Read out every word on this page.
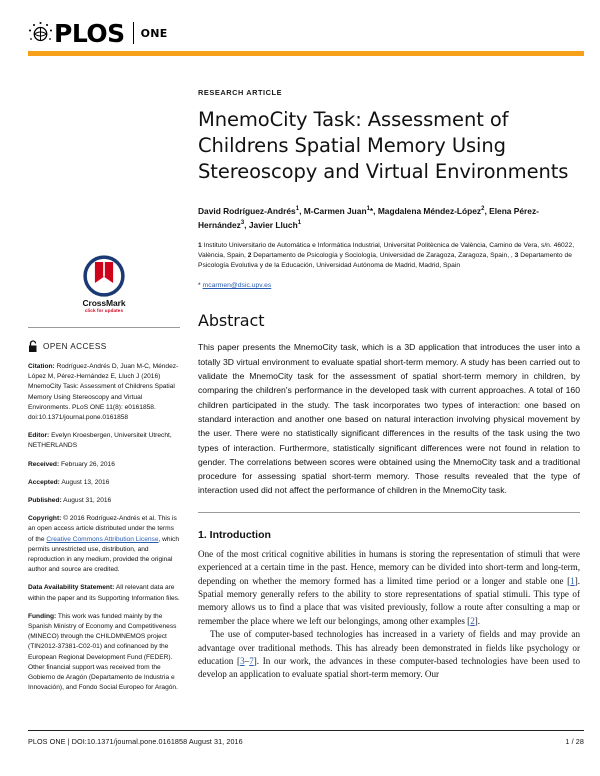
PLOS ONE
CrossMark
click for updates
OPEN ACCESS
Citation: Rodríguez-Andrés D, Juan M-C, Méndez-López M, Pérez-Hernández E, Lluch J (2016) MnemoCity Task: Assessment of Childrens Spatial Memory Using Stereoscopy and Virtual Environments. PLoS ONE 11(8): e0161858. doi:10.1371/journal.pone.0161858
Editor: Evelyn Kroesbergen, Universiteit Utrecht, NETHERLANDS
Received: February 26, 2016
Accepted: August 13, 2016
Published: August 31, 2016
Copyright: © 2016 Rodríguez-Andrés et al. This is an open access article distributed under the terms of the Creative Commons Attribution License, which permits unrestricted use, distribution, and reproduction in any medium, provided the original author and source are credited.
Data Availability Statement: All relevant data are within the paper and its Supporting Information files.
Funding: This work was funded mainly by the Spanish Ministry of Economy and Competitiveness (MINECO) through the CHILDMNEMOS project (TIN2012-37381-C02-01) and cofinanced by the European Regional Development Fund (FEDER). Other financial support was received from the Gobierno de Aragón (Departamento de Industria e Innovación), and Fondo Social Europeo for Aragón.
RESEARCH ARTICLE
MnemoCity Task: Assessment of Childrens Spatial Memory Using Stereoscopy and Virtual Environments
David Rodríguez-Andrés$^1$, M-Carmen Juan$^1$*, Magdalena Méndez-López$^2$, Elena Pérez-Hernández$^3$, Javier Lluch$^1$
1 Instituto Universitario de Automática e Informática Industrial, Universitat Politècnica de València, Camino de Vera, s/n. 46022, València, Spain, 2 Departamento de Psicología y Sociología, Universidad de Zaragoza, Zaragoza, Spain, , 3 Departamento de Psicología Evolutiva y de la Educación, Universidad Autónoma de Madrid, Madrid, Spain
* mcarmen@dsic.upv.es
Abstract
This paper presents the MnemoCity task, which is a 3D application that introduces the user into a totally 3D virtual environment to evaluate spatial short-term memory. A study has been carried out to validate the MnemoCity task for the assessment of spatial short-term memory in children, by comparing the children's performance in the developed task with current approaches. A total of 160 children participated in the study. The task incorporates two types of interaction: one based on standard interaction and another one based on natural interaction involving physical movement by the user. There were no statistically significant differences in the results of the task using the two types of interaction. Furthermore, statistically significant differences were not found in relation to gender. The correlations between scores were obtained using the MnemoCity task and a traditional procedure for assessing spatial short-term memory. Those results revealed that the type of interaction used did not affect the performance of children in the MnemoCity task.
1. Introduction

One of the most critical cognitive abilities in humans is storing the representation of stimuli that were experienced at a certain time in the past. Hence, memory can be divided into short-term and long-term, depending on whether the memory formed has a limited time period or a longer and stable one [1]. Spatial memory generally refers to the ability to store representations of spatial stimuli. This type of memory allows us to find a place that was visited previously, follow a route after consulting a map or remember the place where we left our belongings, among other examples [2].

The use of computer-based technologies has increased in a variety of fields and may provide an advantage over traditional methods. This has already been demonstrated in fields like psychology or education [3–7]. In our work, the advances in these computer-based technologies have been used to develop an application to evaluate spatial short-term memory. Our

PLOS ONE | DOI:10.1371/journal.pone.0161858 August 31, 2016	1 / 28
